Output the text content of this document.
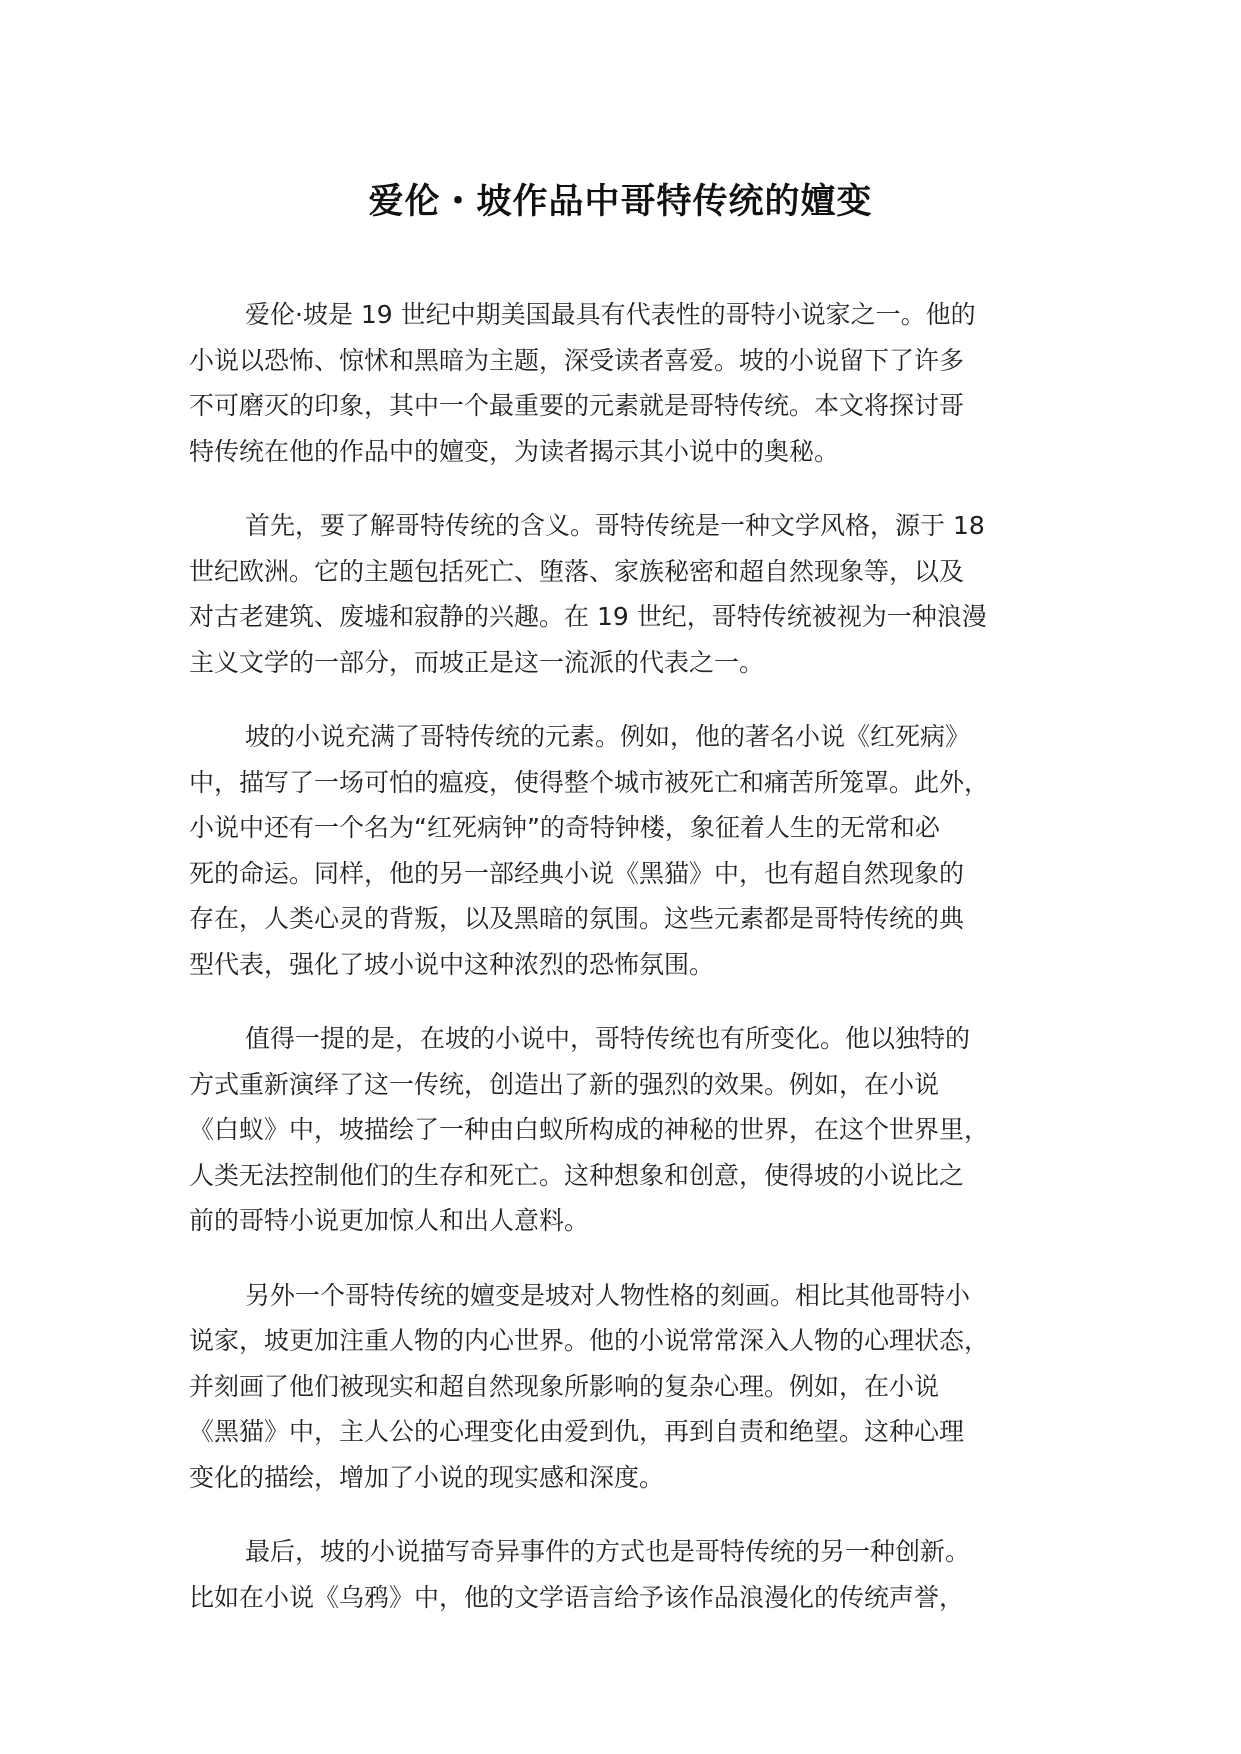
爱伦・坡作品中哥特传统的嬗变
爱伦·坡是 19 世纪中期美国最具有代表性的哥特小说家之一。他的
小说以恐怖、惊怵和黑暗为主题，深受读者喜爱。坡的小说留下了许多
不可磨灭的印象，其中一个最重要的元素就是哥特传统。本文将探讨哥
特传统在他的作品中的嬗变，为读者揭示其小说中的奥秘。
首先，要了解哥特传统的含义。哥特传统是一种文学风格，源于 18
世纪欧洲。它的主题包括死亡、堕落、家族秘密和超自然现象等，以及
对古老建筑、废墟和寂静的兴趣。在 19 世纪，哥特传统被视为一种浪漫
主义文学的一部分，而坡正是这一流派的代表之一。
坡的小说充满了哥特传统的元素。例如，他的著名小说《红死病》
中，描写了一场可怕的瘟疫，使得整个城市被死亡和痛苦所笼罩。此外，
小说中还有一个名为“红死病钟”的奇特钟楼，象征着人生的无常和必
死的命运。同样，他的另一部经典小说《黑猫》中，也有超自然现象的
存在，人类心灵的背叛，以及黑暗的氛围。这些元素都是哥特传统的典
型代表，强化了坡小说中这种浓烈的恐怖氛围。
值得一提的是，在坡的小说中，哥特传统也有所变化。他以独特的
方式重新演绎了这一传统，创造出了新的强烈的效果。例如，在小说
《白蚁》中，坡描绘了一种由白蚁所构成的神秘的世界，在这个世界里，
人类无法控制他们的生存和死亡。这种想象和创意，使得坡的小说比之
前的哥特小说更加惊人和出人意料。
另外一个哥特传统的嬗变是坡对人物性格的刻画。相比其他哥特小
说家，坡更加注重人物的内心世界。他的小说常常深入人物的心理状态，
并刻画了他们被现实和超自然现象所影响的复杂心理。例如，在小说
《黑猫》中，主人公的心理变化由爱到仇，再到自责和绝望。这种心理
变化的描绘，增加了小说的现实感和深度。
最后，坡的小说描写奇异事件的方式也是哥特传统的另一种创新。
比如在小说《乌鸦》中，他的文学语言给予该作品浪漫化的传统声誉，
